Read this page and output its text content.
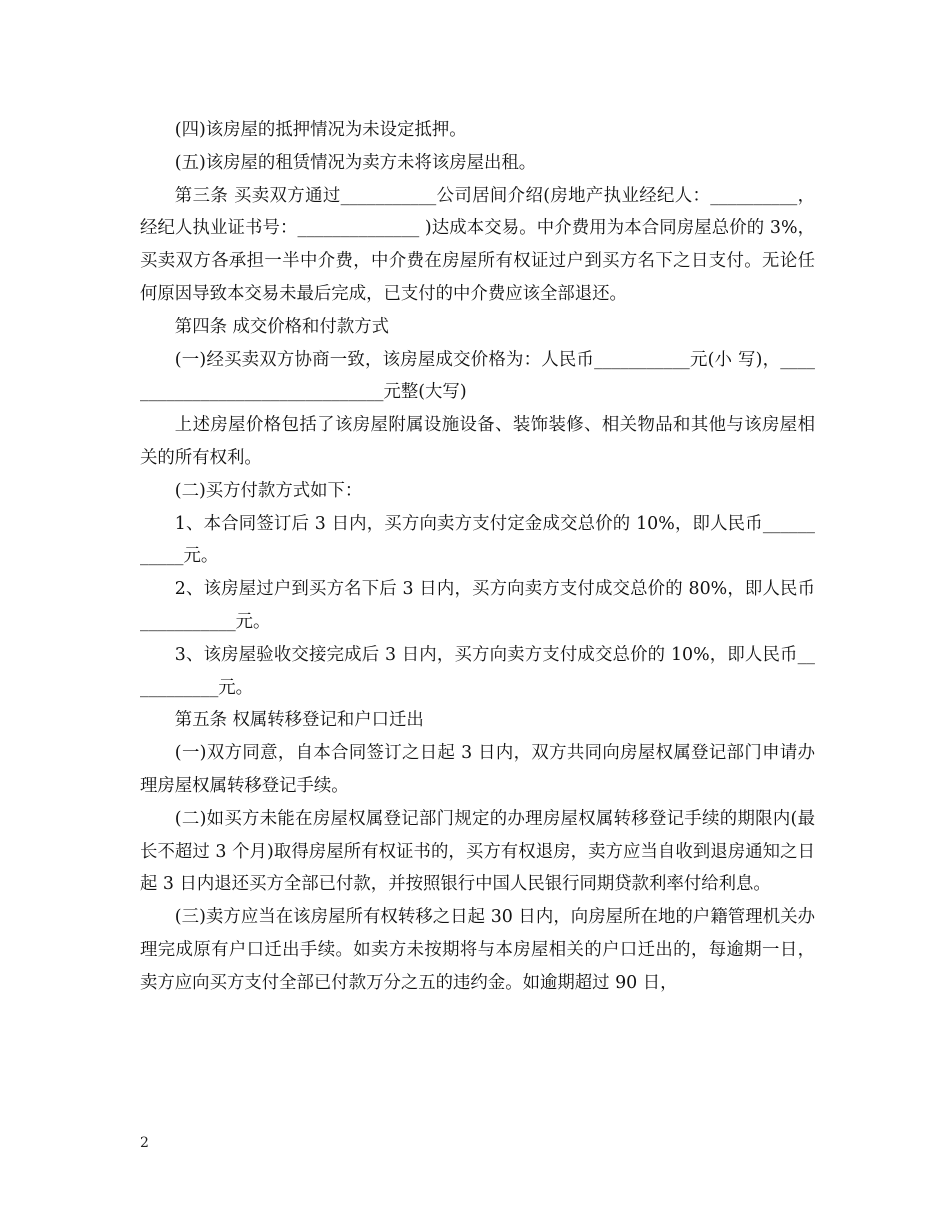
(四)该房屋的抵押情况为未设定抵押。

(五)该房屋的租赁情况为卖方未将该房屋出租。

第三条 买卖双方通过___________公司居间介绍(房地产执业经纪人：__________，经纪人执业证书号：______________ )达成本交易。中介费用为本合同房屋总价的 3%，买卖双方各承担一半中介费，中介费在房屋所有权证过户到买方名下之日支付。无论任何原因导致本交易未最后完成，已支付的中介费应该全部退还。

第四条 成交价格和付款方式

(一)经买卖双方协商一致，该房屋成交价格为：人民币___________元(小 写)，________________________________元整(大写)

上述房屋价格包括了该房屋附属设施设备、装饰装修、相关物品和其他与该房屋相关的所有权利。

(二)买方付款方式如下：

1、本合同签订后 3 日内，买方向卖方支付定金成交总价的 10%，即人民币___________元。

2、该房屋过户到买方名下后 3 日内，买方向卖方支付成交总价的 80%，即人民币___________元。

3、该房屋验收交接完成后 3 日内，买方向卖方支付成交总价的 10%，即人民币___________元。

第五条 权属转移登记和户口迁出

(一)双方同意，自本合同签订之日起 3 日内，双方共同向房屋权属登记部门申请办理房屋权属转移登记手续。

(二)如买方未能在房屋权属登记部门规定的办理房屋权属转移登记手续的期限内(最长不超过 3 个月)取得房屋所有权证书的，买方有权退房，卖方应当自收到退房通知之日起 3 日内退还买方全部已付款，并按照银行中国人民银行同期贷款利率付给利息。

(三)卖方应当在该房屋所有权转移之日起 30 日内，向房屋所在地的户籍管理机关办理完成原有户口迁出手续。如卖方未按期将与本房屋相关的户口迁出的，每逾期一日，卖方应向买方支付全部已付款万分之五的违约金。如逾期超过 90 日，

2
